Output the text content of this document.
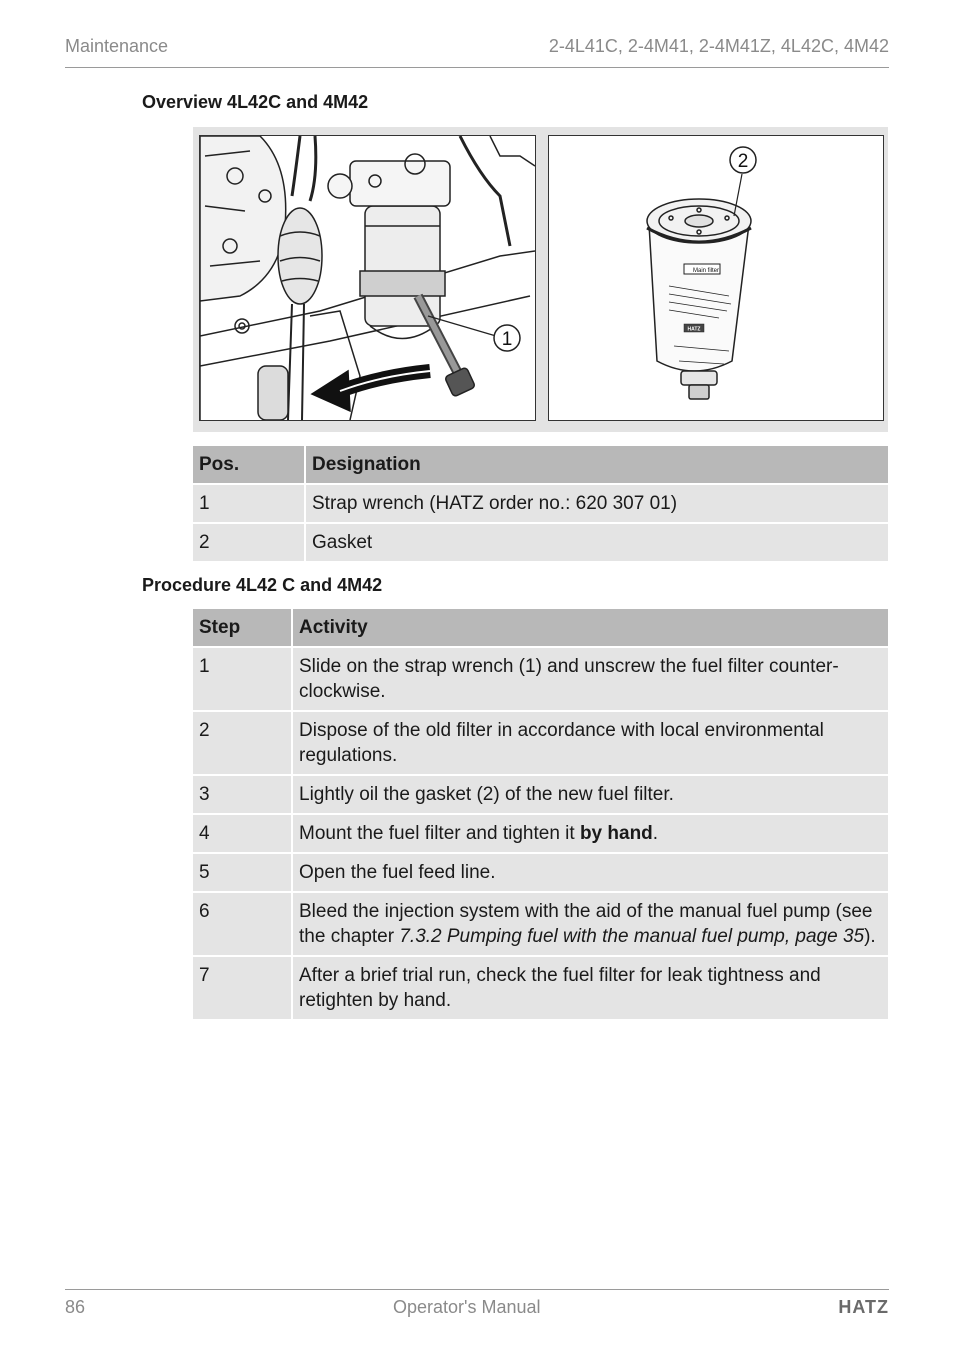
Maintenance	2-4L41C, 2-4M41, 2-4M41Z, 4L42C, 4M42
Overview 4L42C and 4M42
1
Main filter
HATZ
2
Pos.	Designation
1	Strap wrench (HATZ order no.: 620 307 01)
2	Gasket
Procedure 4L42 C and 4M42
Step	Activity
1	Slide on the strap wrench (1) and unscrew the fuel filter counter-clockwise.
2	Dispose of the old filter in accordance with local environmental regulations.
3	Lightly oil the gasket (2) of the new fuel filter.
4	Mount the fuel filter and tighten it by hand.
5	Open the fuel feed line.
6	Bleed the injection system with the aid of the manual fuel pump (see the chapter 7.3.2 Pumping fuel with the manual fuel pump, page 35).
7	After a brief trial run, check the fuel filter for leak tightness and retighten by hand.
86	Operator's Manual	HATZ
